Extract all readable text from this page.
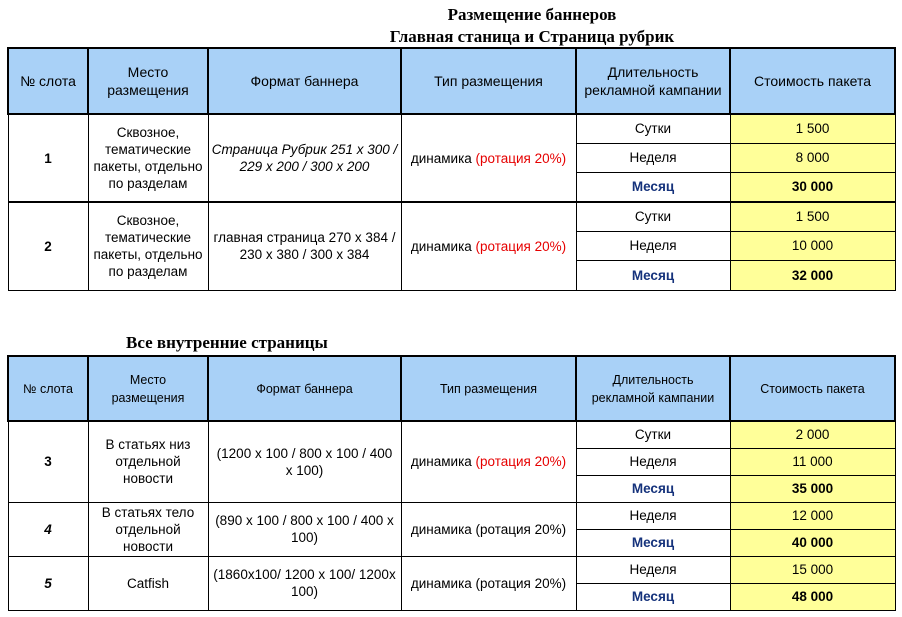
Размещение баннеров
Главная станица и Страница рубрик
№ слота	Место размещения	Формат баннера	Тип размещения	Длительность рекламной кампании	Стоимость пакета
1	Сквозное, тематические пакеты, отдельно по разделам	Страница Рубрик 251 x 300 / 229 x 200 / 300 x 200	динамика (ротация 20%)	Сутки	1 500
				Неделя	8 000
				Месяц	30 000
2	Сквозное, тематические пакеты, отдельно по разделам	главная страница 270 x 384 / 230 x 380 / 300 x 384	динамика (ротация 20%)	Сутки	1 500
				Неделя	10 000
				Месяц	32 000
Все внутренние страницы
№ слота	Место размещения	Формат баннера	Тип размещения	Длительность рекламной кампании	Стоимость пакета
3	В статьях низ отдельной новости	(1200 x 100 / 800 x 100 / 400 x 100)	динамика (ротация 20%)	Сутки	2 000
				Неделя	11 000
				Месяц	35 000
4	В статьях тело отдельной новости	(890 x 100 / 800 x 100 / 400 x 100)	динамика (ротация 20%)	Неделя	12 000
				Месяц	40 000
5	Catfish	(1860x100/ 1200 x 100/ 1200x 100)	динамика (ротация 20%)	Неделя	15 000
				Месяц	48 000
